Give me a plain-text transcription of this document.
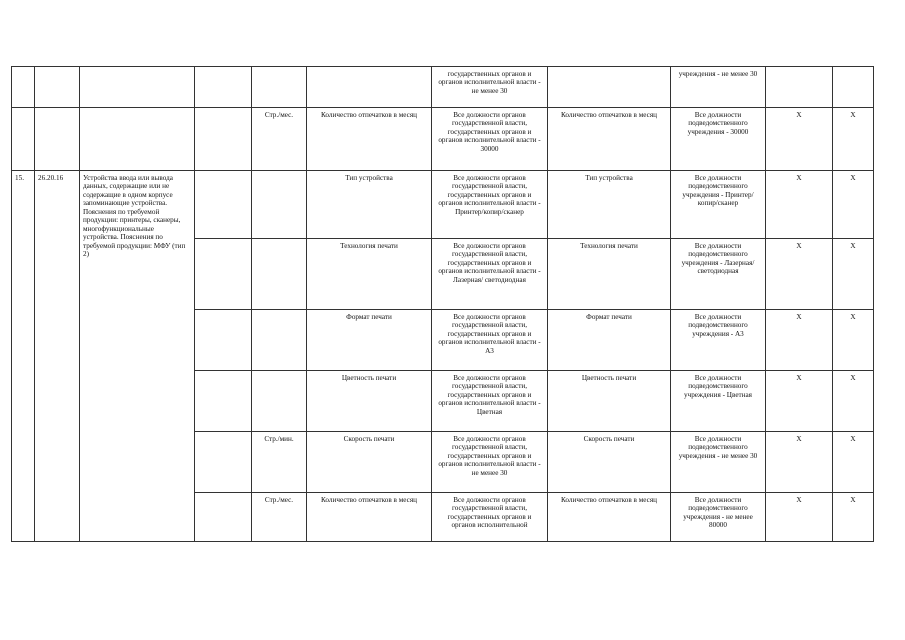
						государственных органов и органов исполнительной власти - не менее 30		учреждения - не менее 30		
				Стр./мес.	Количество отпечатков в месяц	Все должности органов государственной власти, государственных органов и органов исполнительной власти - 30000	Количество отпечатков в месяц	Все должности подведомственного учреждения - 30000	X	X
15.	26.20.16	Устройства ввода или вывода данных, содержащие или не содержащие в одном корпусе запоминающие устройства. Пояснения по требуемой продукции: принтеры, сканеры, многофункциональные устройства. Пояснения по требуемой продукции: МФУ (тип 2)			Тип устройства	Все должности органов государственной власти, государственных органов и органов исполнительной власти - Принтер/копир/сканер	Тип устройства	Все должности подведомственного учреждения - Принтер/копир/сканер	X	X
					Технология печати	Все должности органов государственной власти, государственных органов и органов исполнительной власти - Лазерная/ светодиодная	Технология печати	Все должности подведомственного учреждения - Лазерная/ светодиодная	X	X
					Формат печати	Все должности органов государственной власти, государственных органов и органов исполнительной власти - А3	Формат печати	Все должности подведомственного учреждения - А3	X	X
					Цветность печати	Все должности органов государственной власти, государственных органов и органов исполнительной власти - Цветная	Цветность печати	Все должности подведомственного учреждения - Цветная	X	X
				Стр./мин.	Скорость печати	Все должности органов государственной власти, государственных органов и органов исполнительной власти - не менее 30	Скорость печати	Все должности подведомственного учреждения - не менее 30	X	X
				Стр./мес.	Количество отпечатков в месяц	Все должности органов государственной власти, государственных органов и органов исполнительной	Количество отпечатков в месяц	Все должности подведомственного учреждения - не менее 80000	X	X
